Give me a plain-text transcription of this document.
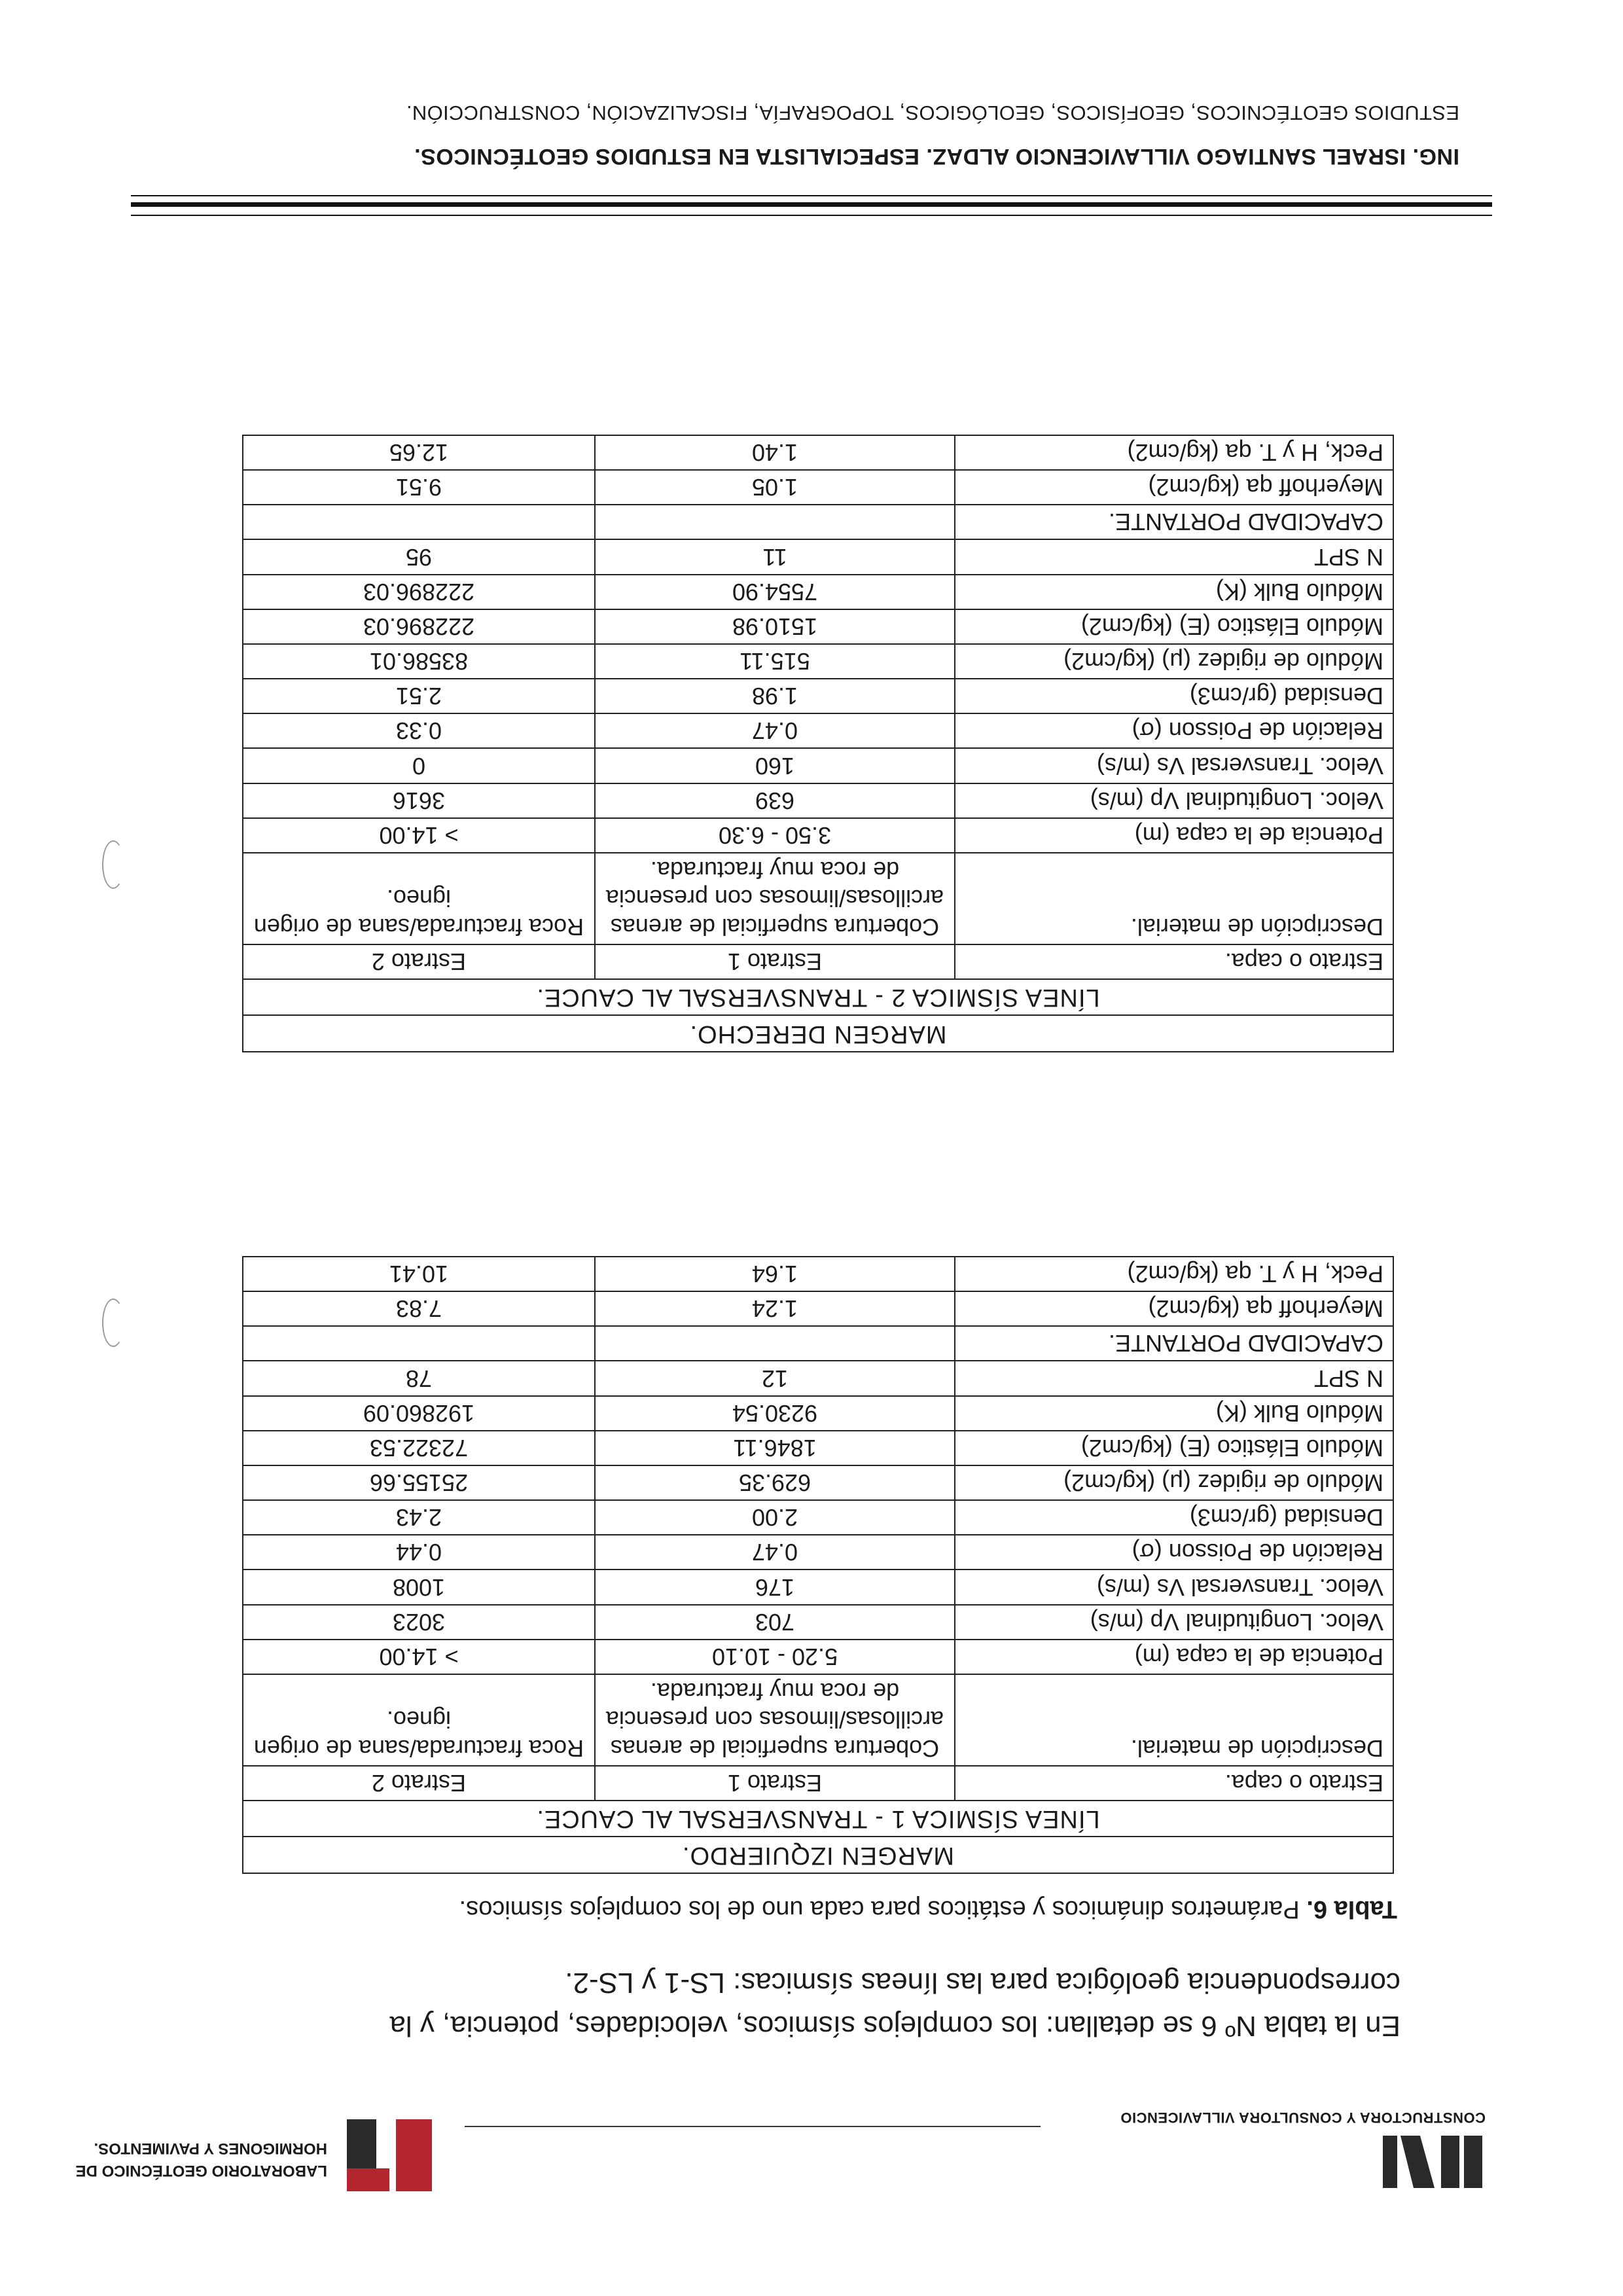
ING. ISRAEL SANTIAGO VILLAVICENCIO ALDAZ. ESPECIALISTA EN ESTUDIOS GEOTÉCNICOS.
ESTUDIOS GEOTÉCNICOS, GEOFÍSICOS, GEOLÓGICOS, TOPOGRAFÍA, FISCALIZACIÓN, CONSTRUCCIÓN.
MARGEN DERECHO.		
LÍNEA SÍSMICA 2 - TRANSVERSAL AL CAUCE.		
Estrato o capa.	Estrato 1	Estrato 2
Descripción de material.	Cobertura superficial de arenas arcillosas/limosas con presencia de roca muy fracturada.	Roca fracturada/sana de origen igneo.
Potencia de la capa (m)	3.50 - 6.30	> 14.00
Veloc. Longitudinal Vp (m/s)	639	3616
Veloc. Transversal Vs (m/s)	160	0
Relación de Poisson (σ)	0.47	0.33
Densidad (gr/cm3)	1.98	2.51
Módulo de rigidez (μ) (kg/cm2)	515.11	83586.01
Módulo Elástico (E) (kg/cm2)	1510.98	222896.03
Módulo Bulk (K)	7554.90	222896.03
N SPT	11	95
CAPACIDAD PORTANTE.		
Meyerhoff qa (kg/cm2)	1.05	9.51
Peck, H y T. qa (kg/cm2)	1.40	12.65
MARGEN IZQUIERDO.		
LÍNEA SÍSMICA 1 - TRANSVERSAL AL CAUCE.		
Estrato o capa.	Estrato 1	Estrato 2
Descripción de material.	Cobertura superficial de arenas arcillosas/limosas con presencia de roca muy fracturada.	Roca fracturada/sana de origen igneo.
Potencia de la capa (m)	5.20 - 10.10	> 14.00
Veloc. Longitudinal Vp (m/s)	703	3023
Veloc. Transversal Vs (m/s)	176	1008
Relación de Poisson (σ)	0.47	0.44
Densidad (gr/cm3)	2.00	2.43
Módulo de rigidez (μ) (kg/cm2)	629.35	25155.66
Módulo Elástico (E) (kg/cm2)	1846.11	72322.53
Módulo Bulk (K)	9230.54	192860.09
N SPT	12	78
CAPACIDAD PORTANTE.		
Meyerhoff qa (kg/cm2)	1.24	7.83
Peck, H y T. qa (kg/cm2)	1.64	10.41
Tabla 6. Parámetros dinámicos y estáticos para cada uno de los complejos sísmicos.
En la tabla Nº 6 se detallan: los complejos sísmicos, velocidades, potencia, y la correspondencia geológica para las líneas sísmicas: LS-1 y LS-2.
CONSTRUCTORA Y CONSULTORA VILLAVICENCIO
LABORATORIO GEOTÉCNICO DE
HORMIGONES Y PAVIMENTOS.
